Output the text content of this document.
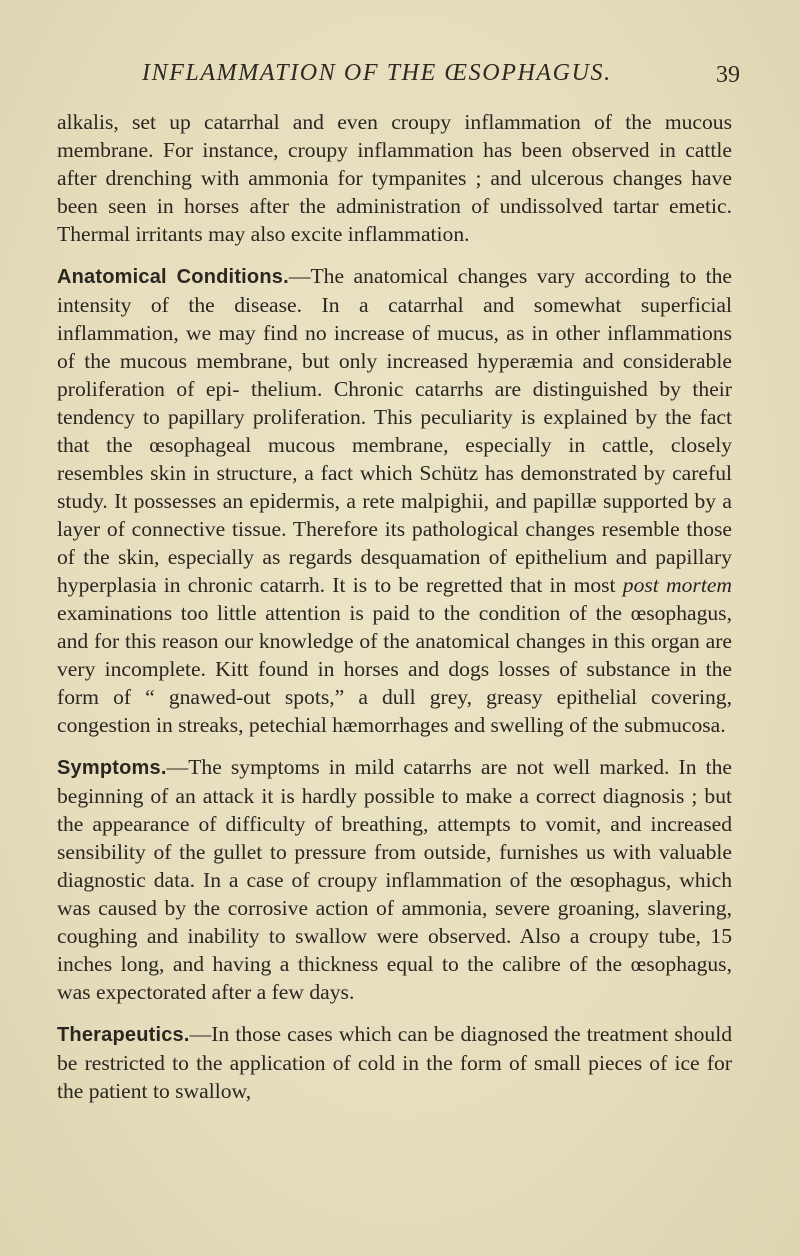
INFLAMMATION OF THE ŒSOPHAGUS.	39

alkalis, set up catarrhal and even croupy inflammation of the mucous membrane. For instance, croupy inflammation has been observed in cattle after drenching with ammonia for tympanites ; and ulcerous changes have been seen in horses after the administration of undissolved tartar emetic. Thermal irritants may also excite inflammation.

Anatomical Conditions.—The anatomical changes vary according to the intensity of the disease. In a catarrhal and somewhat superficial inflammation, we may find no increase of mucus, as in other inflammations of the mucous membrane, but only increased hyperæmia and considerable proliferation of epi- thelium. Chronic catarrhs are distinguished by their tendency to papillary proliferation. This peculiarity is explained by the fact that the œsophageal mucous membrane, especially in cattle, closely resembles skin in structure, a fact which Schütz has demonstrated by careful study. It possesses an epidermis, a rete malpighii, and papillæ supported by a layer of connective tissue. Therefore its pathological changes resemble those of the skin, especially as regards desquamation of epithelium and papillary hyperplasia in chronic catarrh. It is to be regretted that in most post mortem examinations too little attention is paid to the condition of the œsophagus, and for this reason our knowledge of the anatomical changes in this organ are very incomplete. Kitt found in horses and dogs losses of substance in the form of “ gnawed-out spots,” a dull grey, greasy epithelial covering, congestion in streaks, petechial hæmorrhages and swelling of the submucosa.

Symptoms.—The symptoms in mild catarrhs are not well marked. In the beginning of an attack it is hardly possible to make a correct diagnosis ; but the appearance of difficulty of breathing, attempts to vomit, and increased sensibility of the gullet to pressure from outside, furnishes us with valuable diagnostic data. In a case of croupy inflammation of the œsophagus, which was caused by the corrosive action of ammonia, severe groaning, slavering, coughing and inability to swallow were observed. Also a croupy tube, 15 inches long, and having a thickness equal to the calibre of the œsophagus, was expectorated after a few days.

Therapeutics.—In those cases which can be diagnosed the treatment should be restricted to the application of cold in the form of small pieces of ice for the patient to swallow,
